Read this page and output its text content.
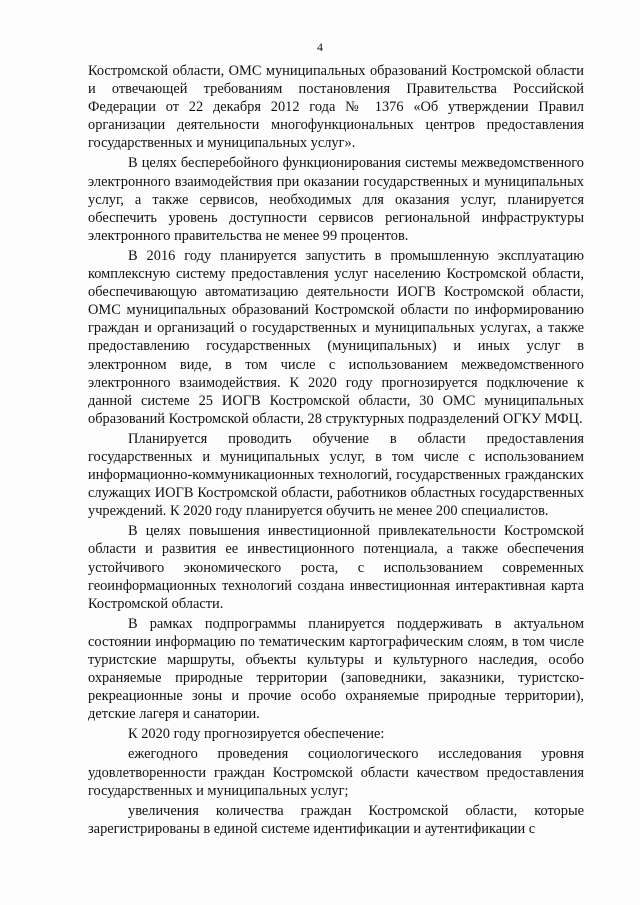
4

Костромской области, ОМС муниципальных образований Костромской области и отвечающей требованиям постановления Правительства Российской Федерации от 22 декабря 2012 года № 1376 «Об утверждении Правил организации деятельности многофункциональных центров предоставления государственных и муниципальных услуг».

В целях бесперебойного функционирования системы межведомственного электронного взаимодействия при оказании государственных и муниципальных услуг, а также сервисов, необходимых для оказания услуг, планируется обеспечить уровень доступности сервисов региональной инфраструктуры электронного правительства не менее 99 процентов.

В 2016 году планируется запустить в промышленную эксплуатацию комплексную систему предоставления услуг населению Костромской области, обеспечивающую автоматизацию деятельности ИОГВ Костромской области, ОМС муниципальных образований Костромской области по информированию граждан и организаций о государственных и муниципальных услугах, а также предоставлению государственных (муниципальных) и иных услуг в электронном виде, в том числе с использованием межведомственного электронного взаимодействия. К 2020 году прогнозируется подключение к данной системе 25 ИОГВ Костромской области, 30 ОМС муниципальных образований Костромской области, 28 структурных подразделений ОГКУ МФЦ.

Планируется проводить обучение в области предоставления государственных и муниципальных услуг, в том числе с использованием информационно-коммуникационных технологий, государственных гражданских служащих ИОГВ Костромской области, работников областных государственных учреждений. К 2020 году планируется обучить не менее 200 специалистов.

В целях повышения инвестиционной привлекательности Костромской области и развития ее инвестиционного потенциала, а также обеспечения устойчивого экономического роста, с использованием современных геоинформационных технологий создана инвестиционная интерактивная карта Костромской области.

В рамках подпрограммы планируется поддерживать в актуальном состоянии информацию по тематическим картографическим слоям, в том числе туристские маршруты, объекты культуры и культурного наследия, особо охраняемые природные территории (заповедники, заказники, туристско-рекреационные зоны и прочие особо охраняемые природные территории), детские лагеря и санатории.

К 2020 году прогнозируется обеспечение:

ежегодного проведения социологического исследования уровня удовлетворенности граждан Костромской области качеством предоставления государственных и муниципальных услуг;

увеличения количества граждан Костромской области, которые зарегистрированы в единой системе идентификации и аутентификации с
